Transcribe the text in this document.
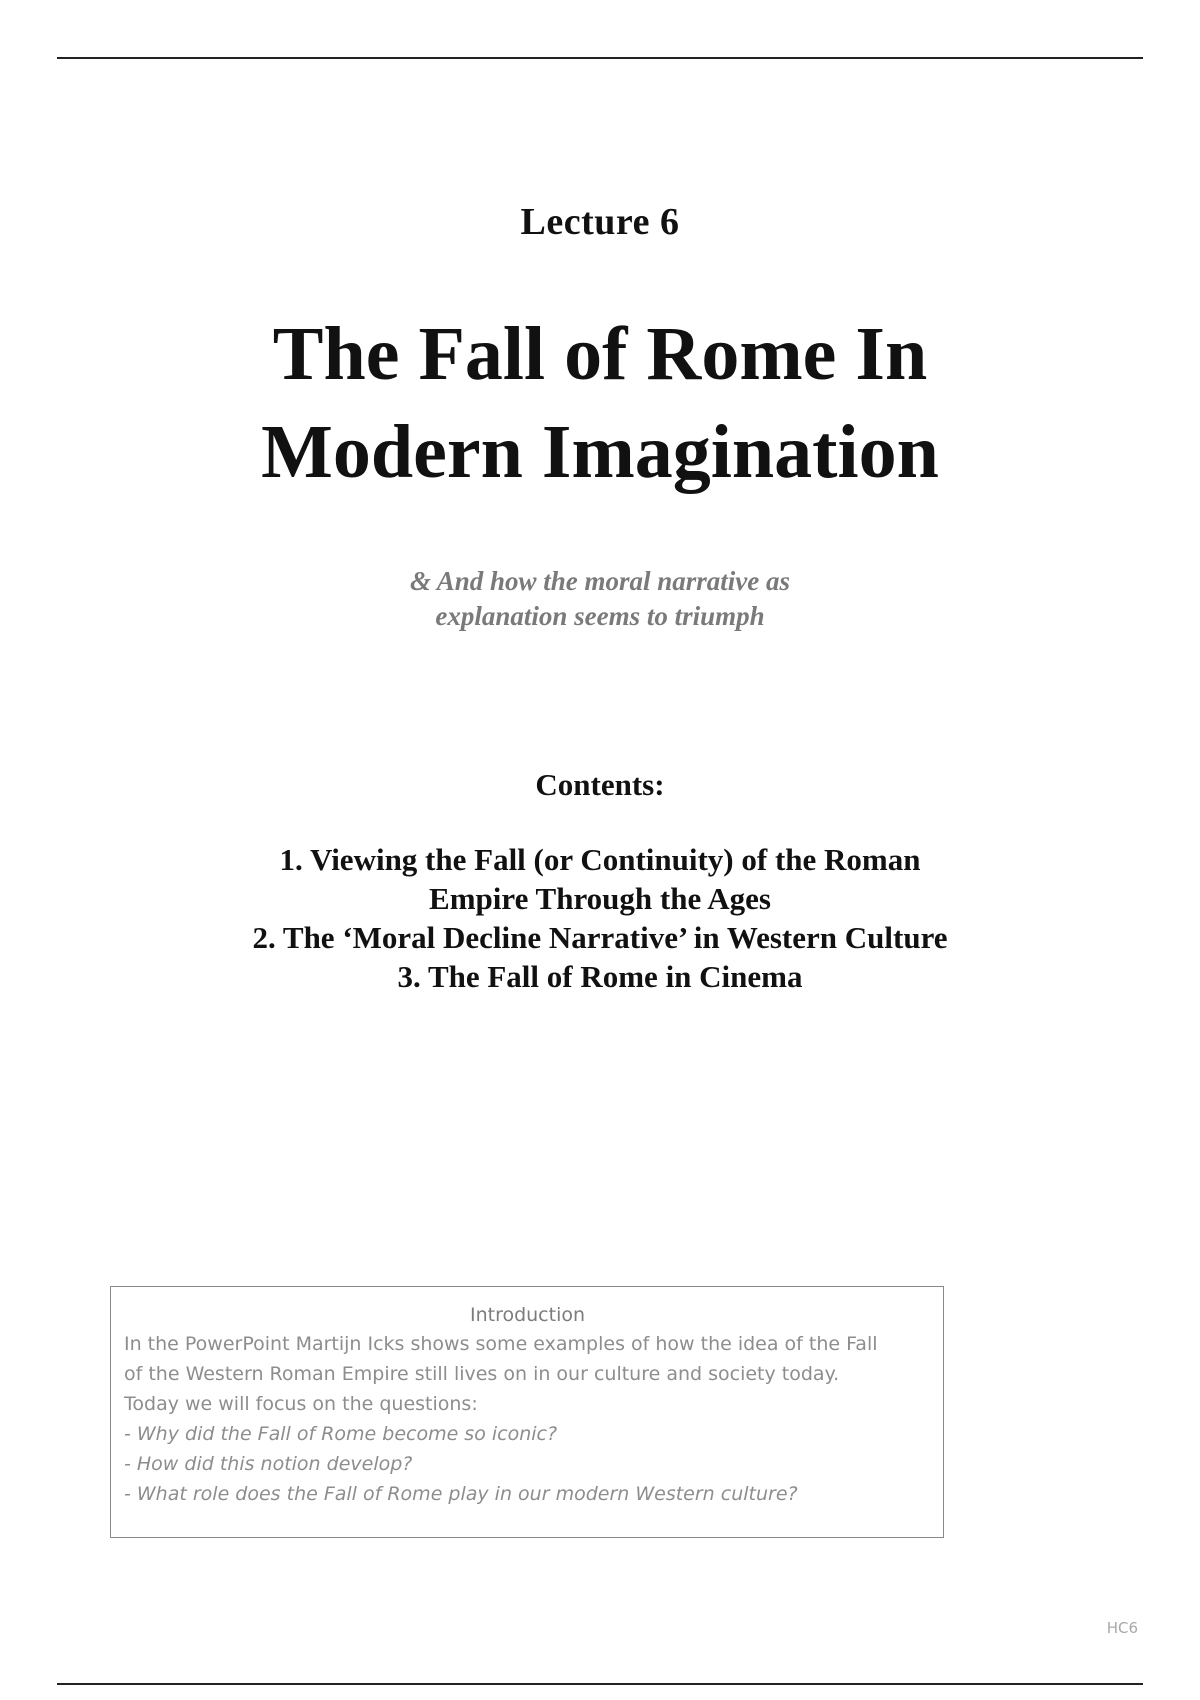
Lecture 6
The Fall of Rome In
Modern Imagination
& And how the moral narrative as
explanation seems to triumph
Contents:
1. Viewing the Fall (or Continuity) of the Roman
Empire Through the Ages
2. The ‘Moral Decline Narrative’ in Western Culture
3. The Fall of Rome in Cinema
Introduction
In the PowerPoint Martijn Icks shows some examples of how the idea of the Fall
of the Western Roman Empire still lives on in our culture and society today.
Today we will focus on the questions:
- Why did the Fall of Rome become so iconic?
- How did this notion develop?
- What role does the Fall of Rome play in our modern Western culture?
HC6
